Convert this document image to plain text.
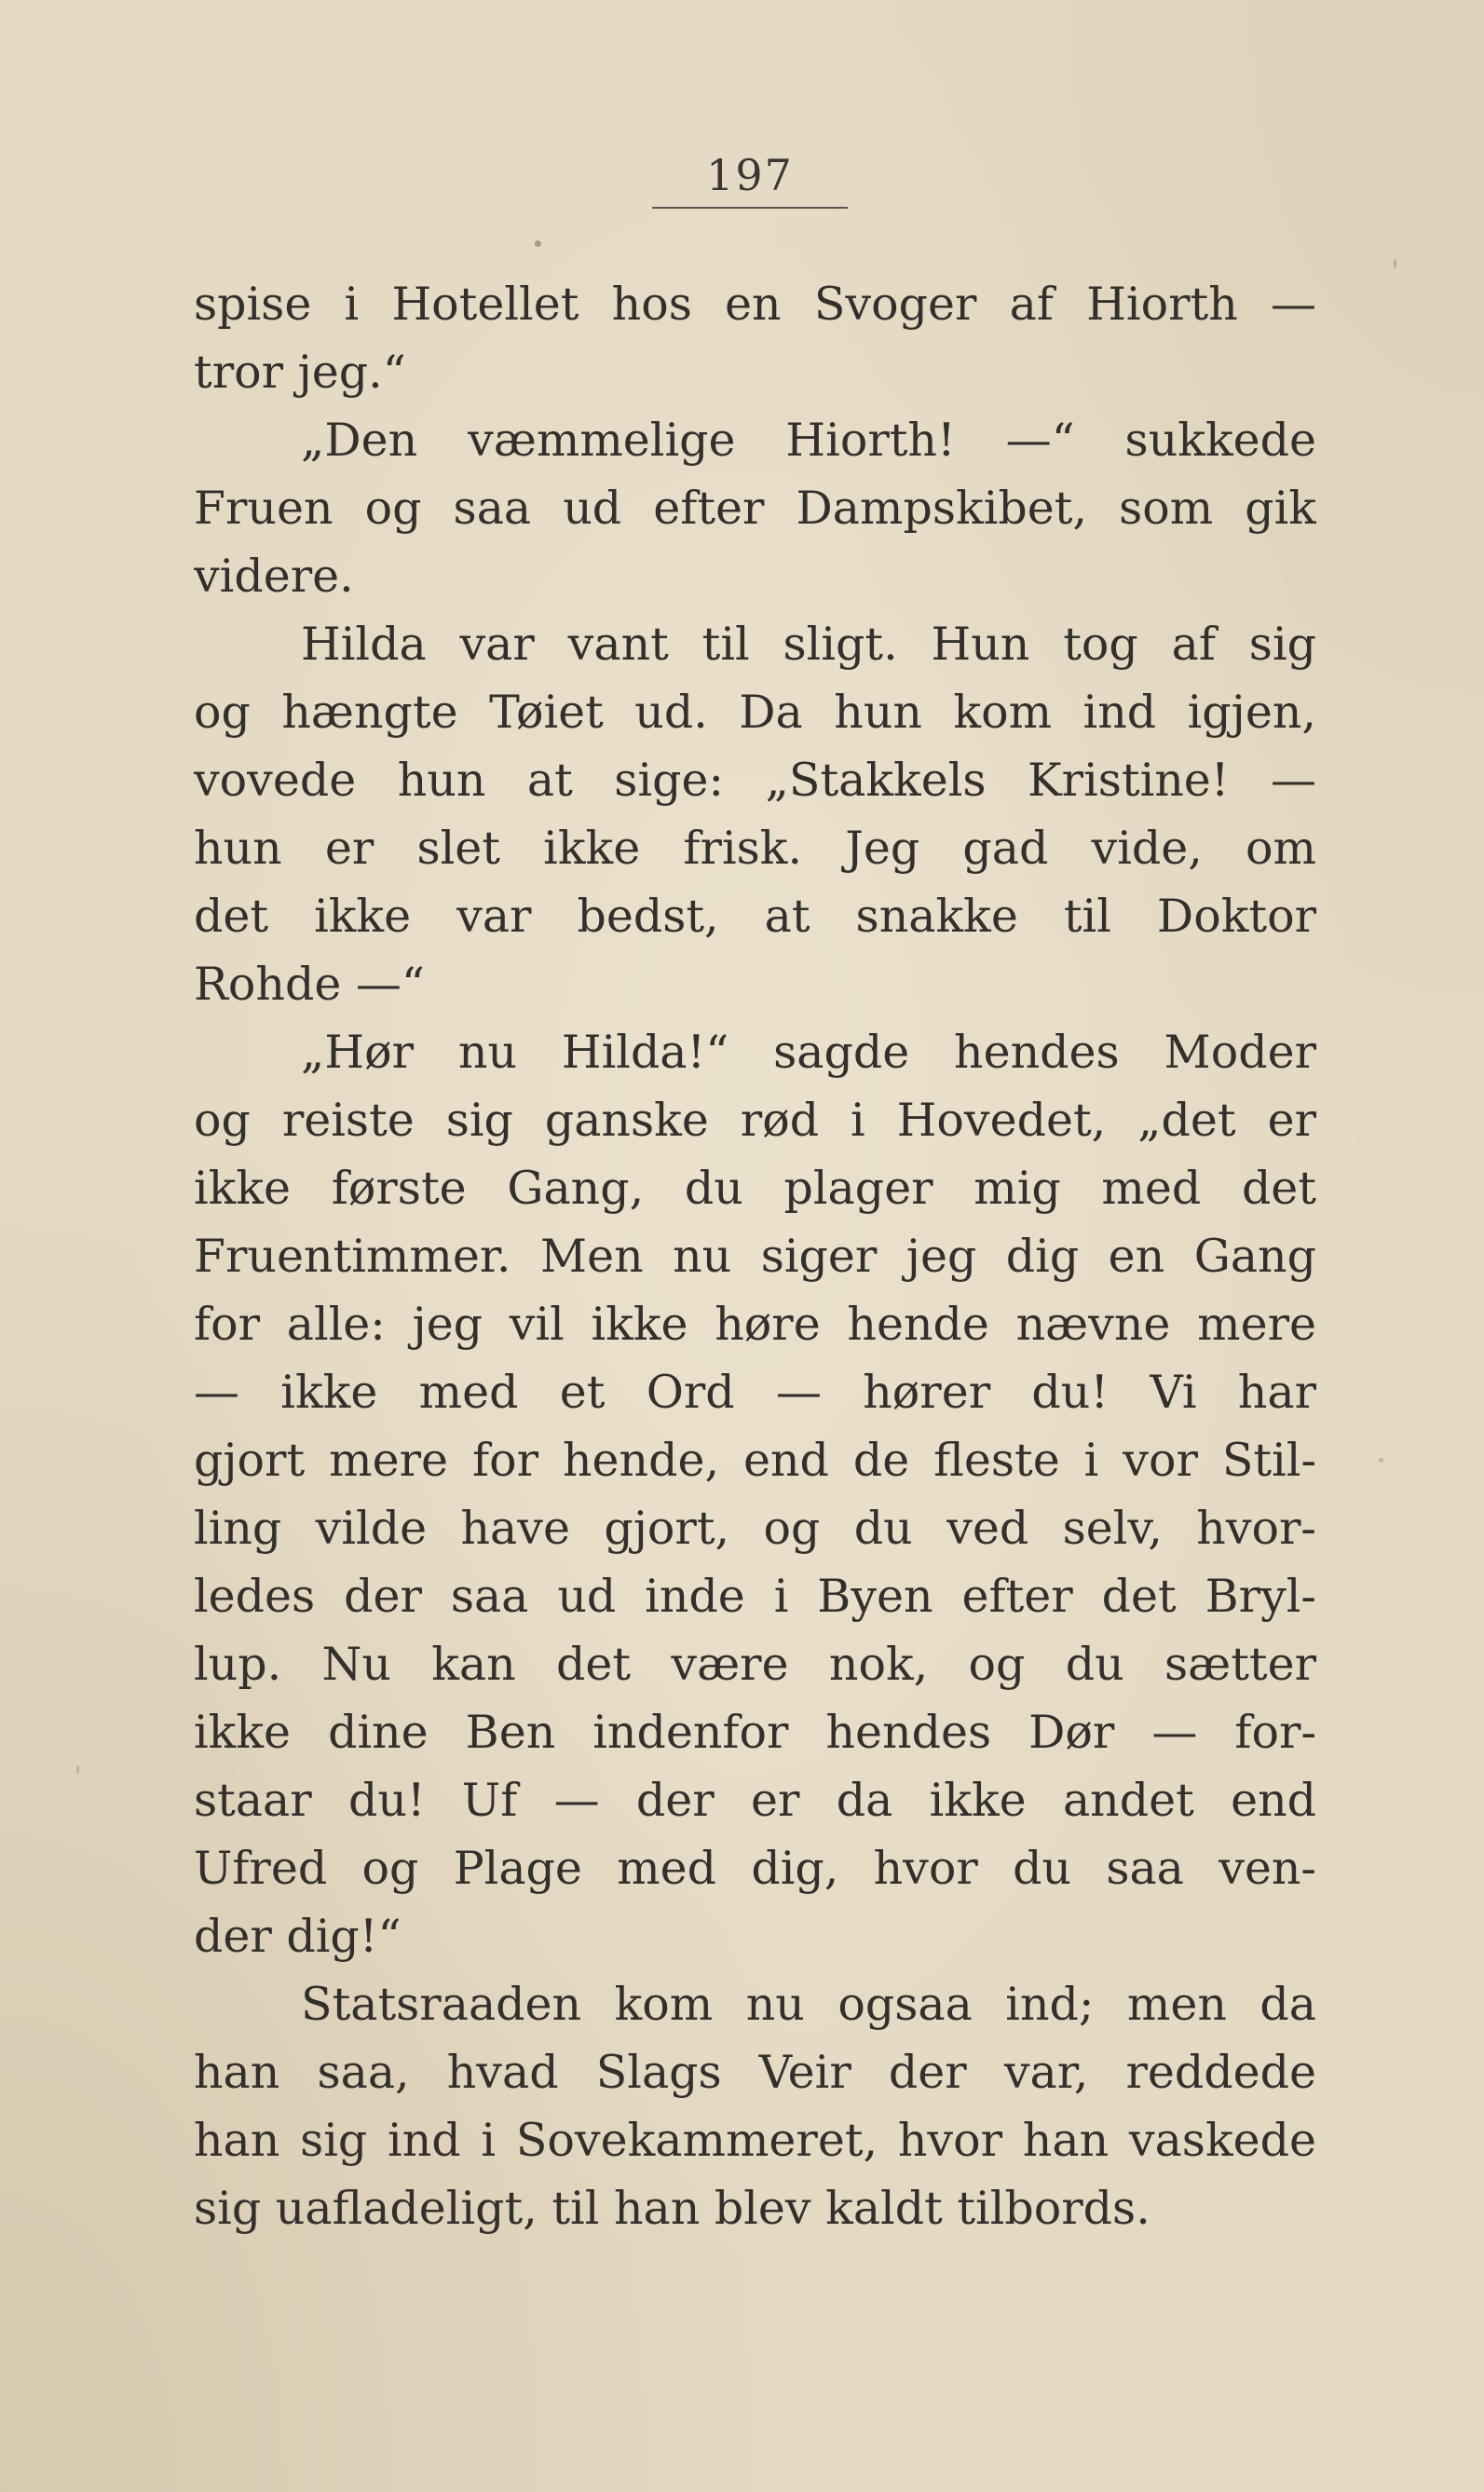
197
spise i Hotellet hos en Svoger af Hiorth —
tror jeg.“
„Den væmmelige Hiorth! —“ sukkede
Fruen og saa ud efter Dampskibet, som gik
videre.
Hilda var vant til sligt. Hun tog af sig
og hængte Tøiet ud. Da hun kom ind igjen,
vovede hun at sige: „Stakkels Kristine! —
hun er slet ikke frisk. Jeg gad vide, om
det ikke var bedst, at snakke til Doktor
Rohde —“
„Hør nu Hilda!“ sagde hendes Moder
og reiste sig ganske rød i Hovedet, „det er
ikke første Gang, du plager mig med det
Fruentimmer. Men nu siger jeg dig en Gang
for alle: jeg vil ikke høre hende nævne mere
— ikke med et Ord — hører du! Vi har
gjort mere for hende, end de fleste i vor Stil-
ling vilde have gjort, og du ved selv, hvor-
ledes der saa ud inde i Byen efter det Bryl-
lup. Nu kan det være nok, og du sætter
ikke dine Ben indenfor hendes Dør — for-
staar du! Uf — der er da ikke andet end
Ufred og Plage med dig, hvor du saa ven-
der dig!“
Statsraaden kom nu ogsaa ind; men da
han saa, hvad Slags Veir der var, reddede
han sig ind i Sovekammeret, hvor han vaskede
sig uafladeligt, til han blev kaldt tilbords.
